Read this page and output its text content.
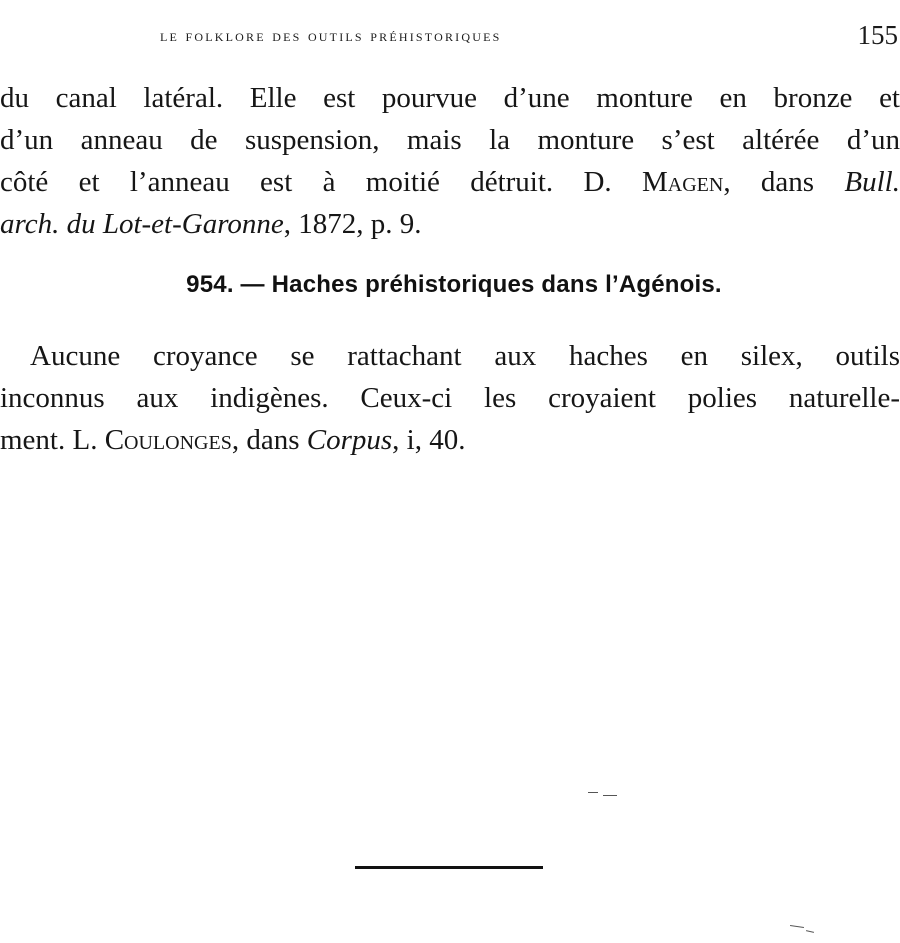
le folklore des outils préhistoriques	155
du canal latéral. Elle est pourvue d’une monture en bronze et
d’un anneau de suspension, mais la monture s’est altérée d’un
côté et l’anneau est à moitié détruit. D. Magen, dans Bull.
arch. du Lot-et-Garonne, 1872, p. 9.
954. — Haches préhistoriques dans l’Agénois.
Aucune croyance se rattachant aux haches en silex, outils
inconnus aux indigènes. Ceux-ci les croyaient polies naturelle-
ment. L. Coulonges, dans Corpus, i, 40.
